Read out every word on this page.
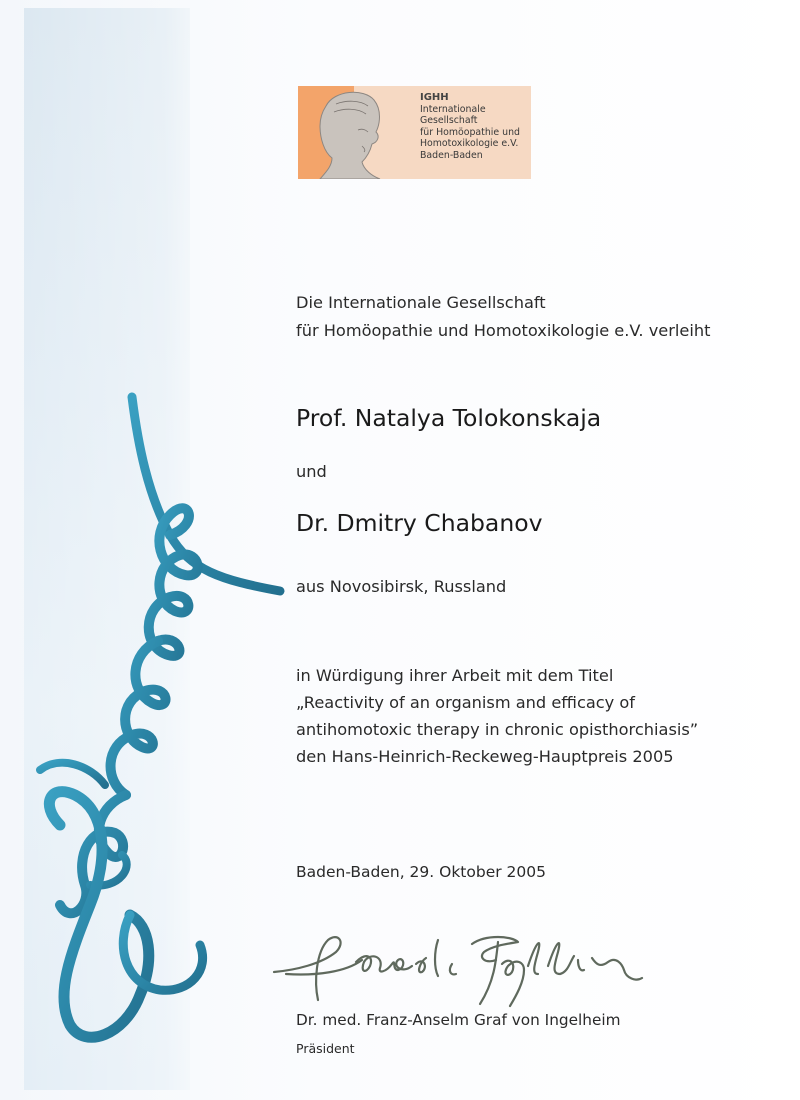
IGHH
Internationale Gesellschaft
für Homöopathie und
Homotoxikologie e.V.
Baden-Baden
Die Internationale Gesellschaft
für Homöopathie und Homotoxikologie e.V. verleiht
Prof. Natalya Tolokonskaja
und
Dr. Dmitry Chabanov
aus Novosibirsk, Russland
in Würdigung ihrer Arbeit mit dem Titel
„Reactivity of an organism and efficacy of
antihomotoxic therapy in chronic opisthorchiasis”
den Hans-Heinrich-Reckeweg-Hauptpreis 2005
Baden-Baden, 29. Oktober 2005
Dr. med. Franz-Anselm Graf von Ingelheim
Präsident
